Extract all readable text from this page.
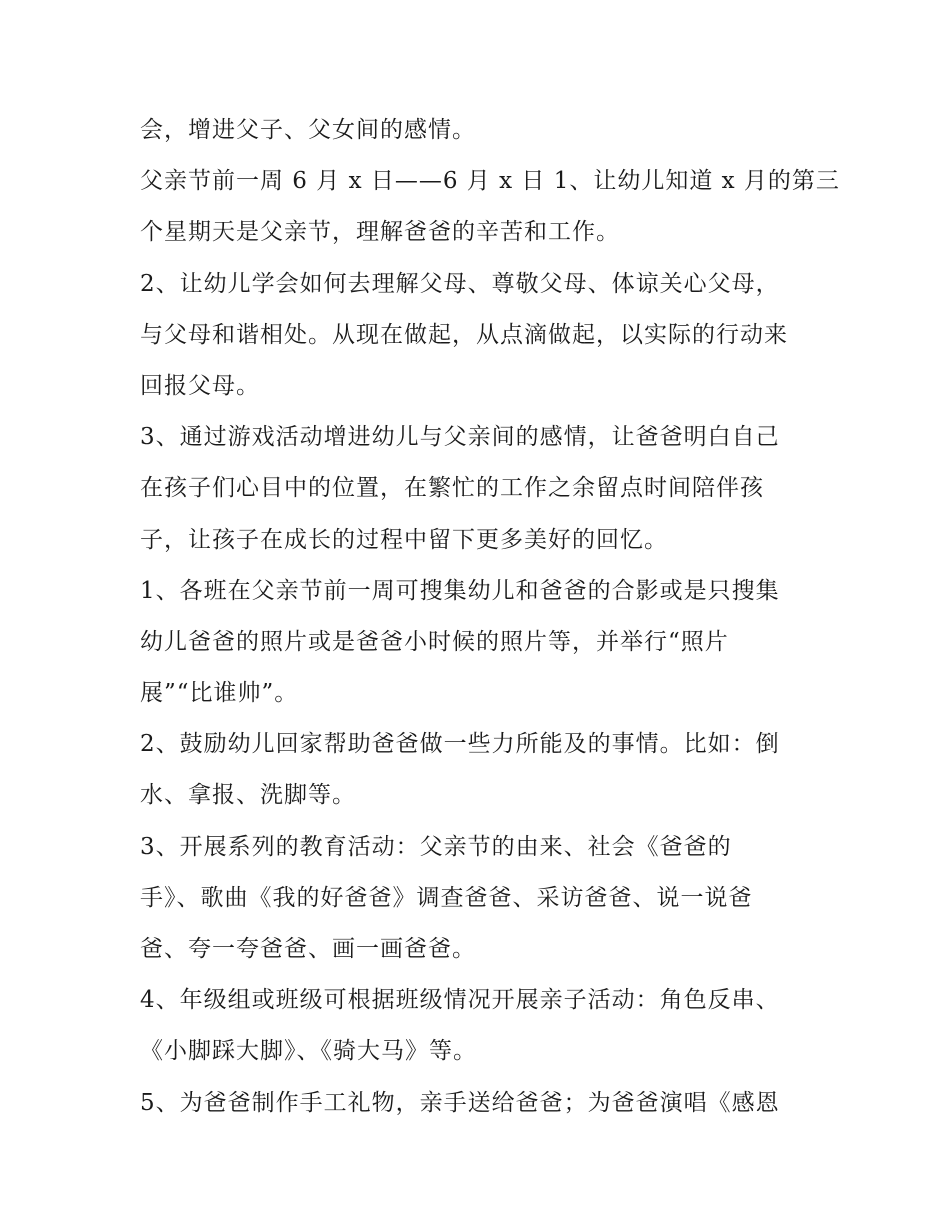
会，增进父子、父女间的感情。
父亲节前一周 6 月 x 日——6 月 x 日 1、让幼儿知道 x 月的第三
个星期天是父亲节，理解爸爸的辛苦和工作。
2、让幼儿学会如何去理解父母、尊敬父母、体谅关心父母，
与父母和谐相处。从现在做起，从点滴做起，以实际的行动来
回报父母。
3、通过游戏活动增进幼儿与父亲间的感情，让爸爸明白自己
在孩子们心目中的位置，在繁忙的工作之余留点时间陪伴孩
子，让孩子在成长的过程中留下更多美好的回忆。
1、各班在父亲节前一周可搜集幼儿和爸爸的合影或是只搜集
幼儿爸爸的照片或是爸爸小时候的照片等，并举行“照片
展”“比谁帅”。
2、鼓励幼儿回家帮助爸爸做一些力所能及的事情。比如：倒
水、拿报、洗脚等。
3、开展系列的教育活动：父亲节的由来、社会《爸爸的
手》、歌曲《我的好爸爸》调查爸爸、采访爸爸、说一说爸
爸、夸一夸爸爸、画一画爸爸。
4、年级组或班级可根据班级情况开展亲子活动：角色反串、
《小脚踩大脚》、《骑大马》等。
5、为爸爸制作手工礼物，亲手送给爸爸；为爸爸演唱《感恩
